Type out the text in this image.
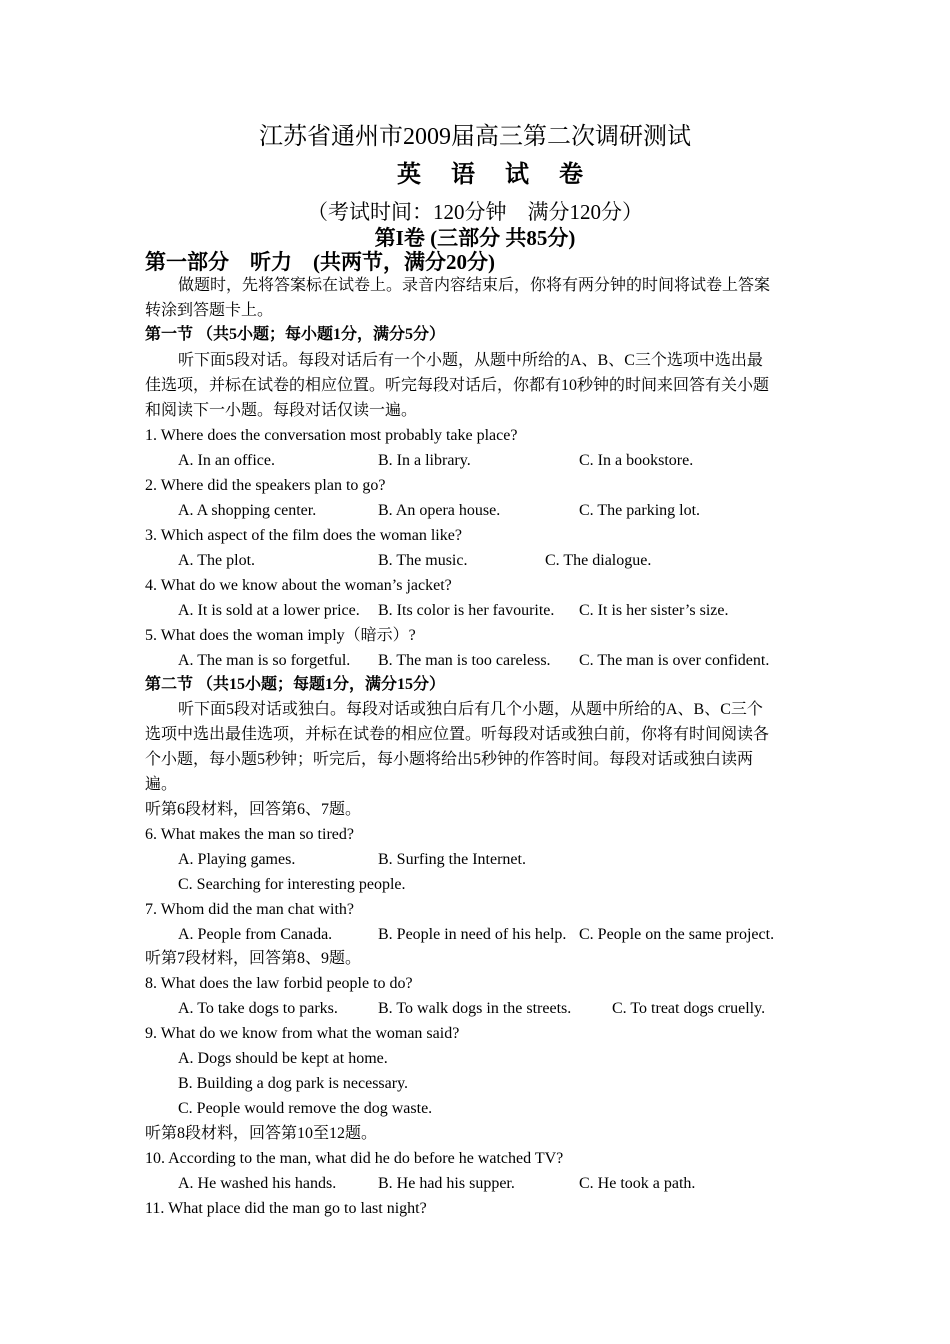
江苏省通州市2009届高三第二次调研测试
英语试卷
（考试时间：120分钟　满分120分）
第I卷 (三部分 共85分)
第一部分　听力　(共两节，满分20分)
做题时，先将答案标在试卷上。录音内容结束后，你将有两分钟的时间将试卷上答案
转涂到答题卡上。
第一节 （共5小题；每小题1分，满分5分）
听下面5段对话。每段对话后有一个小题，从题中所给的A、B、C三个选项中选出最
佳选项，并标在试卷的相应位置。听完每段对话后，你都有10秒钟的时间来回答有关小题
和阅读下一小题。每段对话仅读一遍。
1. Where does the conversation most probably take place?
A. In an office.	B. In a library.	C. In a bookstore.
2. Where did the speakers plan to go?
A. A shopping center.	B. An opera house.	C. The parking lot.
3. Which aspect of the film does the woman like?
A. The plot.	B. The music.	C. The dialogue.
4. What do we know about the woman’s jacket?
A. It is sold at a lower price. B. Its color is her favourite. C. It is her sister’s size.
5. What does the woman imply（暗示）?
A. The man is so forgetful. B. The man is too careless. C. The man is over confident.
第二节 （共15小题；每题1分，满分15分）
听下面5段对话或独白。每段对话或独白后有几个小题，从题中所给的A、B、C三个
选项中选出最佳选项，并标在试卷的相应位置。听每段对话或独白前，你将有时间阅读各
个小题，每小题5秒钟；听完后，每小题将给出5秒钟的作答时间。每段对话或独白读两
遍。
听第6段材料，回答第6、7题。
6. What makes the man so tired?
A. Playing games.	B. Surfing the Internet.
C. Searching for interesting people.
7. Whom did the man chat with?
A. People from Canada.	B. People in need of his help. C. People on the same project.
听第7段材料，回答第8、9题。
8. What does the law forbid people to do?
A. To take dogs to parks.	B. To walk dogs in the streets.	C. To treat dogs cruelly.
9. What do we know from what the woman said?
A. Dogs should be kept at home.
B. Building a dog park is necessary.
C. People would remove the dog waste.
听第8段材料，回答第10至12题。
10. According to the man, what did he do before he watched TV?
A. He washed his hands.	B. He had his supper.	C. He took a path.
11. What place did the man go to last night?
